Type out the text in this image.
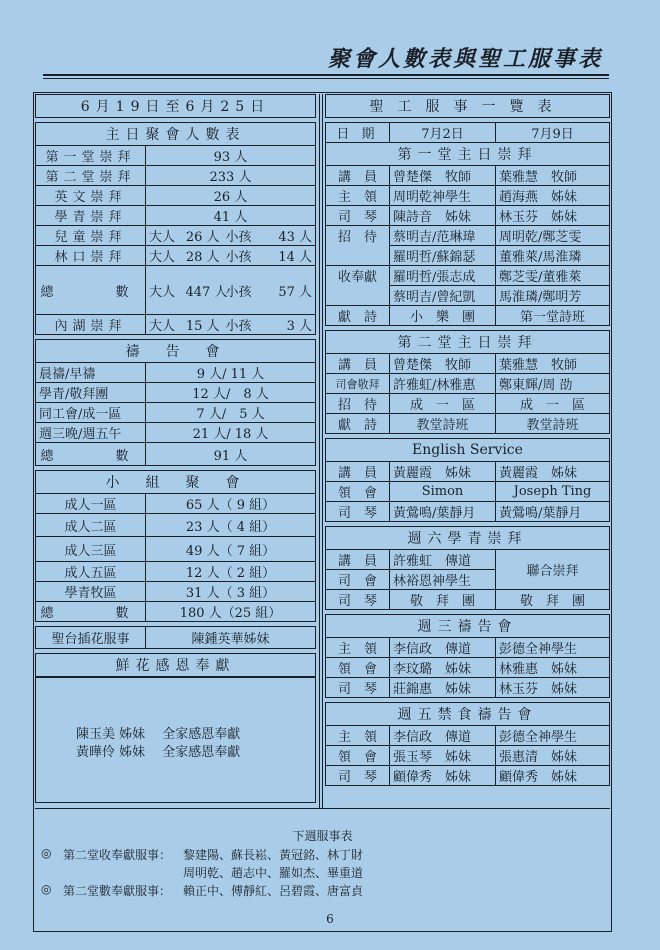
聚會人數表與聖工服事表
6月19日至6月25日
主日聚會人數表				
第一堂崇拜	93 人			
第二堂崇拜	233 人			
英文崇拜	26 人			
學青崇拜	41 人			
兒童崇拜	大人	26 人	小孩	43 人
林口崇拜	大人	28 人	小孩	14 人
總　　數	大人	447 人	小孩	57 人
內湖崇拜	大人	15 人	小孩	3 人
禱　告　會	
晨禱/早禱	9 人/ 11 人
學青/敬拜團	12 人/　8 人
同工會/成一區	7 人/　5 人
週三晚/週五午	21 人/ 18 人
總　　數	91 人
小　組　聚　會	
成人一區	65 人（ 9 組）
成人二區	23 人（ 4 組）
成人三區	49 人（ 7 組）
成人五區	12 人（ 2 組）
學青牧區	31 人（ 3 組）
總　　數	180 人（25 組）
聖台插花服事	陳鍾英華姊妹
鮮花感恩奉獻
陳玉美 姊妹　 全家感恩奉獻
黃曄伶 姊妹　 全家感恩奉獻
聖工服事一覽表
日 期	7月2日	7月9日
第一堂主日崇拜		
講　員	曾楚傑　牧師	葉雅慧　牧師
主　領	周明乾神學生	趙海燕　姊妹
司　琴	陳詩音　姊妹	林玉芬　姊妹
招　待	蔡明吉/范琳瑋	周明乾/鄭芝雯
	羅明哲/蘇錦瑟	董雅萊/馬淮璘
收奉獻	羅明哲/張志成	鄭芝雯/董雅萊
	蔡明吉/曾紀凱	馬淮璘/鄭明芳
獻　詩	小　樂　團	第一堂詩班
第二堂主日崇拜		
講　員	曾楚傑　牧師	葉雅慧　牧師
司會敬拜	許雅虹/林雅惠	鄭東輝/周 劭
招　待	成　一　區	成　一　區
獻　詩	教堂詩班	教堂詩班
English Service		
講　員	黃麗霞　姊妹	黃麗霞　姊妹
領　會	Simon	Joseph Ting
司　琴	黃鶯鳴/葉靜月	黃鶯鳴/葉靜月
週六學青崇拜		
講　員	許雅虹　傳道	聯合崇拜
司　會	林裕恩神學生	
司　琴	敬　拜　團	敬　拜　團
週三禱告會		
主　領	李信政　傳道	彭德全神學生
領　會	李玟璐　姊妹	林雅惠　姊妹
司　琴	莊錦惠　姊妹	林玉芬　姊妹
週五禁食禱告會		
主　領	李信政　傳道	彭德全神學生
領　會	張玉琴　姊妹	張惠清　姊妹
司　琴	顧偉秀　姊妹	顧偉秀　姊妹
下週服事表
◎ 第二堂收奉獻服事： 黎建陽、蘇長崧、黃冠銘、林丁財
周明乾、趙志中、羅如杰、畢重道
◎ 第二堂數奉獻服事： 賴正中、傅靜紅、呂碧霞、唐富貞
6
